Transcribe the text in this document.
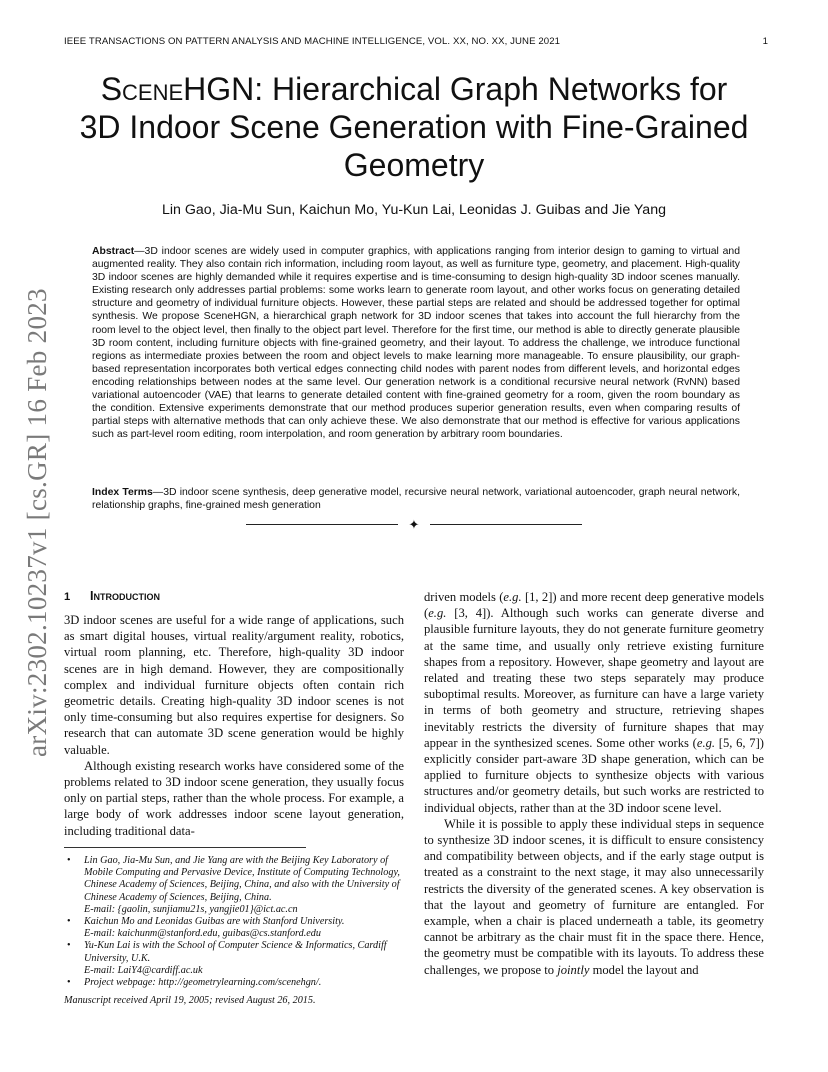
IEEE TRANSACTIONS ON PATTERN ANALYSIS AND MACHINE INTELLIGENCE, VOL. XX, NO. XX, JUNE 2021	1
arXiv:2302.10237v1 [cs.GR] 16 Feb 2023
SceneHGN: Hierarchical Graph Networks for
3D Indoor Scene Generation with Fine-Grained
Geometry
Lin Gao, Jia-Mu Sun, Kaichun Mo, Yu-Kun Lai, Leonidas J. Guibas and Jie Yang
Abstract—3D indoor scenes are widely used in computer graphics, with applications ranging from interior design to gaming to virtual and augmented reality. They also contain rich information, including room layout, as well as furniture type, geometry, and placement. High-quality 3D indoor scenes are highly demanded while it requires expertise and is time-consuming to design high-quality 3D indoor scenes manually. Existing research only addresses partial problems: some works learn to generate room layout, and other works focus on generating detailed structure and geometry of individual furniture objects. However, these partial steps are related and should be addressed together for optimal synthesis. We propose SceneHGN, a hierarchical graph network for 3D indoor scenes that takes into account the full hierarchy from the room level to the object level, then finally to the object part level. Therefore for the first time, our method is able to directly generate plausible 3D room content, including furniture objects with fine-grained geometry, and their layout. To address the challenge, we introduce functional regions as intermediate proxies between the room and object levels to make learning more manageable. To ensure plausibility, our graph-based representation incorporates both vertical edges connecting child nodes with parent nodes from different levels, and horizontal edges encoding relationships between nodes at the same level. Our generation network is a conditional recursive neural network (RvNN) based variational autoencoder (VAE) that learns to generate detailed content with fine-grained geometry for a room, given the room boundary as the condition. Extensive experiments demonstrate that our method produces superior generation results, even when comparing results of partial steps with alternative methods that can only achieve these. We also demonstrate that our method is effective for various applications such as part-level room editing, room interpolation, and room generation by arbitrary room boundaries.
Index Terms—3D indoor scene synthesis, deep generative model, recursive neural network, variational autoencoder, graph neural network, relationship graphs, fine-grained mesh generation
✦
1 Introduction

3D indoor scenes are useful for a wide range of applications, such as smart digital houses, virtual reality/argument reality, robotics, virtual room planning, etc. Therefore, high-quality 3D indoor scenes are in high demand. However, they are compositionally complex and individual furniture objects often contain rich geometric details. Creating high-quality 3D indoor scenes is not only time-consuming but also requires expertise for designers. So research that can automate 3D scene generation would be highly valuable.

Although existing research works have considered some of the problems related to 3D indoor scene generation, they usually focus only on partial steps, rather than the whole process. For example, a large body of work addresses indoor scene layout generation, including traditional data-

• Lin Gao, Jia-Mu Sun, and Jie Yang are with the Beijing Key Laboratory of Mobile Computing and Pervasive Device, Institute of Computing Technology, Chinese Academy of Sciences, Beijing, China, and also with the University of Chinese Academy of Sciences, Beijing, China.
E-mail: {gaolin, sunjiamu21s, yangjie01}@ict.ac.cn
• Kaichun Mo and Leonidas Guibas are with Stanford University.
E-mail: kaichunm@stanford.edu, guibas@cs.stanford.edu
• Yu-Kun Lai is with the School of Computer Science & Informatics, Cardiff University, U.K.
E-mail: LaiY4@cardiff.ac.uk
• Project webpage: http://geometrylearning.com/scenehgn/.
Manuscript received April 19, 2005; revised August 26, 2015.

driven models (e.g. [1, 2]) and more recent deep generative models (e.g. [3, 4]). Although such works can generate diverse and plausible furniture layouts, they do not generate furniture geometry at the same time, and usually only retrieve existing furniture shapes from a repository. However, shape geometry and layout are related and treating these two steps separately may produce suboptimal results. Moreover, as furniture can have a large variety in terms of both geometry and structure, retrieving shapes inevitably restricts the diversity of furniture shapes that may appear in the synthesized scenes. Some other works (e.g. [5, 6, 7]) explicitly consider part-aware 3D shape generation, which can be applied to furniture objects to synthesize objects with various structures and/or geometry details, but such works are restricted to individual objects, rather than at the 3D indoor scene level.

While it is possible to apply these individual steps in sequence to synthesize 3D indoor scenes, it is difficult to ensure consistency and compatibility between objects, and if the early stage output is treated as a constraint to the next stage, it may also unnecessarily restricts the diversity of the generated scenes. A key observation is that the layout and geometry of furniture are entangled. For example, when a chair is placed underneath a table, its geometry cannot be arbitrary as the chair must fit in the space there. Hence, the geometry must be compatible with its layouts. To address these challenges, we propose to jointly model the layout and
